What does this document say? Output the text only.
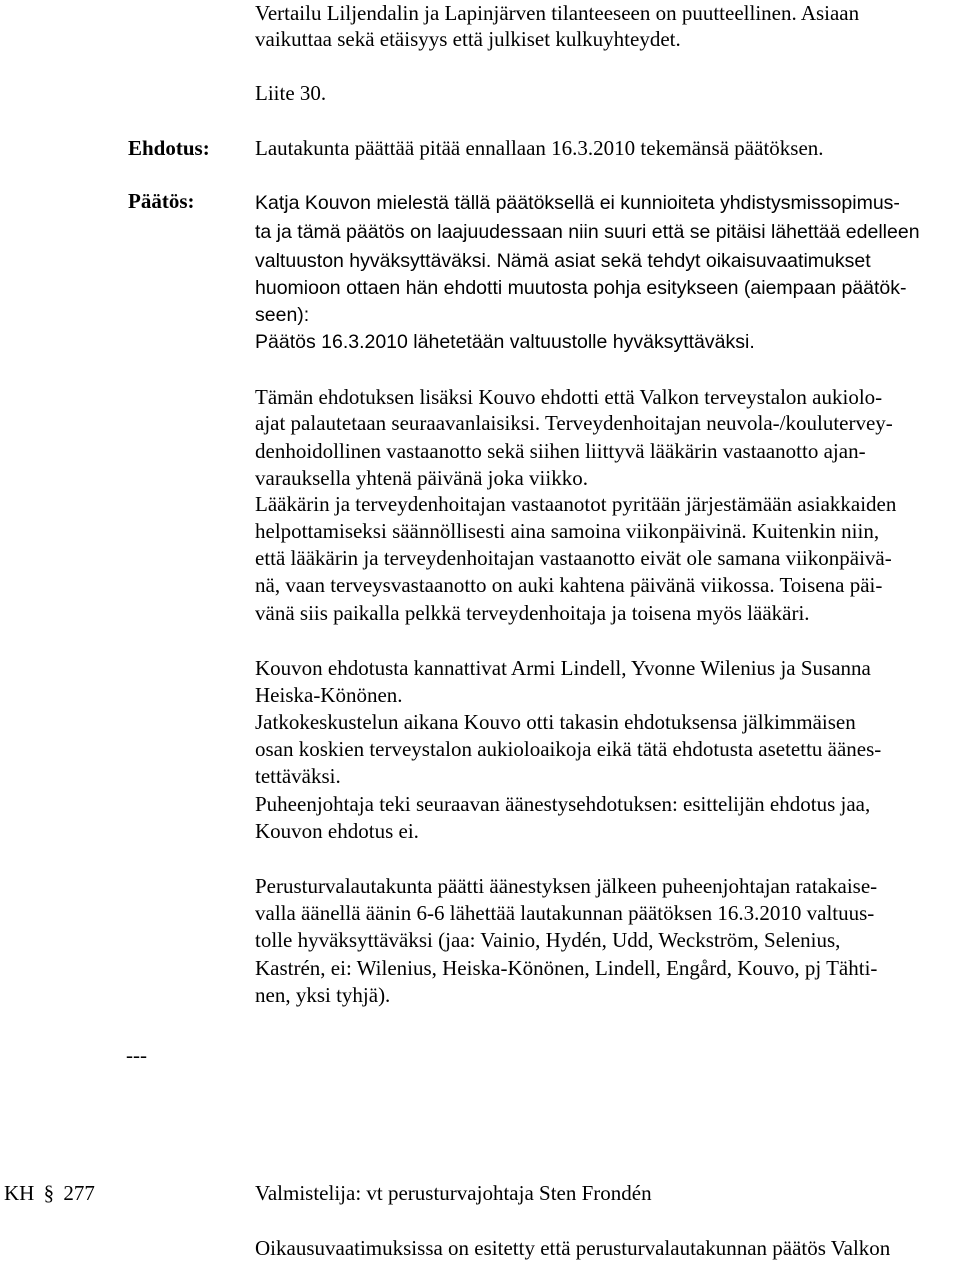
Vertailu Liljendalin ja Lapinjärven tilanteeseen on puutteellinen. Asiaan
vaikuttaa sekä etäisyys että julkiset kulkuyhteydet.
Liite 30.
Ehdotus: Lautakunta päättää pitää ennallaan 16.3.2010 tekemänsä päätöksen.
Päätös:	Katja Kouvon mielestä tällä päätöksellä ei kunnioiteta yhdistysmissopimus-
ta ja tämä päätös on laajuudessaan niin suuri että se pitäisi lähettää edelleen
valtuuston hyväksyttäväksi. Nämä asiat sekä tehdyt oikaisuvaatimukset
huomioon ottaen hän ehdotti muutosta pohja esitykseen (aiempaan päätök-
seen):
Päätös 16.3.2010 lähetetään valtuustolle hyväksyttäväksi.
Tämän ehdotuksen lisäksi Kouvo ehdotti että Valkon terveystalon aukiolo-
ajat palautetaan seuraavanlaisiksi. Terveydenhoitajan neuvola-/koulutervey-
denhoidollinen vastaanotto sekä siihen liittyvä lääkärin vastaanotto ajan-
varauksella yhtenä päivänä joka viikko.
Lääkärin ja terveydenhoitajan vastaanotot pyritään järjestämään asiakkaiden
helpottamiseksi säännöllisesti aina samoina viikonpäivinä. Kuitenkin niin,
että lääkärin ja terveydenhoitajan vastaanotto eivät ole samana viikonpäivä-
nä, vaan terveysvastaanotto on auki kahtena päivänä viikossa. Toisena päi-
vänä siis paikalla pelkkä terveydenhoitaja ja toisena myös lääkäri.
Kouvon ehdotusta kannattivat Armi Lindell, Yvonne Wilenius ja Susanna
Heiska-Könönen.
Jatkokeskustelun aikana Kouvo otti takasin ehdotuksensa jälkimmäisen
osan koskien terveystalon aukioloaikoja eikä tätä ehdotusta asetettu äänes-
tettäväksi.
Puheenjohtaja teki seuraavan äänestysehdotuksen: esittelijän ehdotus jaa,
Kouvon ehdotus ei.
Perusturvalautakunta päätti äänestyksen jälkeen puheenjohtajan ratakaise-
valla äänellä äänin 6-6 lähettää lautakunnan päätöksen 16.3.2010 valtuus-
tolle hyväksyttäväksi (jaa: Vainio, Hydén, Udd, Weckström, Selenius,
Kastrén, ei: Wilenius, Heiska-Könönen, Lindell, Engård, Kouvo, pj Tähti-
nen, yksi tyhjä).
---
KH § 277	Valmistelija: vt perusturvajohtaja Sten Frondén
Oikausuvaatimuksissa on esitetty että perusturvalautakunnan päätös Valkon
